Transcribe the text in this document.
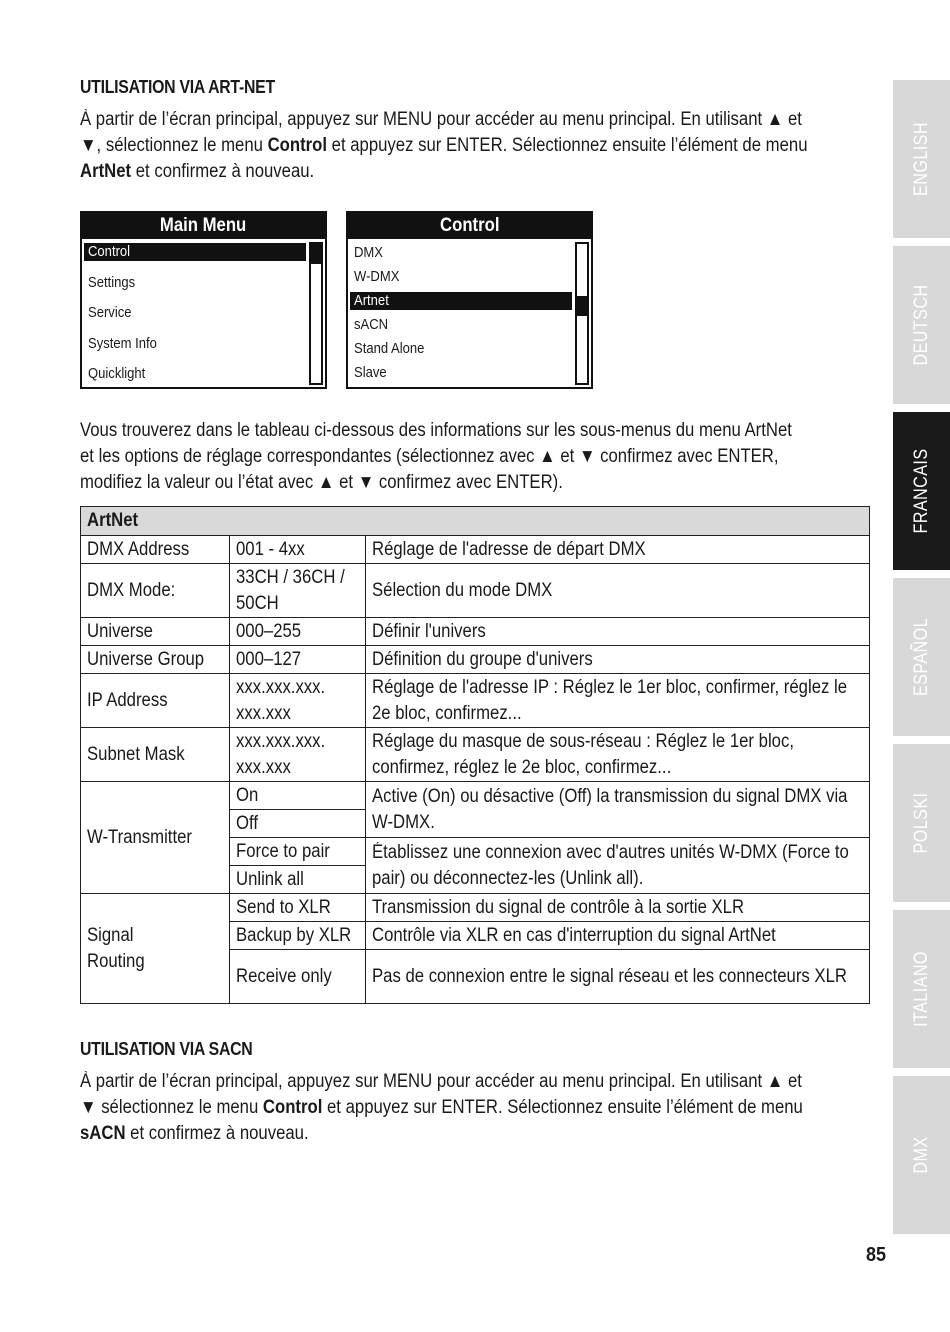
UTILISATION VIA ART-NET

À partir de l’écran principal, appuyez sur MENU pour accéder au menu principal. En utilisant ▲ et
▼, sélectionnez le menu Control et appuyez sur ENTER. Sélectionnez ensuite l’élément de menu
ArtNet et confirmez à nouveau.

Main Menu
Control
Settings
Service
System Info
Quicklight
Control
DMX
W-DMX
Artnet
sACN
Stand Alone
Slave

Vous trouverez dans le tableau ci-dessous des informations sur les sous-menus du menu ArtNet
et les options de réglage correspondantes (sélectionnez avec ▲ et ▼ confirmez avec ENTER,
modifiez la valeur ou l’état avec ▲ et ▼ confirmez avec ENTER).

ArtNet		
DMX Address	001 - 4xx	Réglage de l'adresse de départ DMX
DMX Mode:	33CH / 36CH / 50CH	Sélection du mode DMX
Universe	000–255	Définir l'univers
Universe Group	000–127	Définition du groupe d'univers
IP Address	xxx.xxx.xxx. xxx.xxx	Réglage de l'adresse IP : Réglez le 1er bloc, confirmer, réglez le 2e bloc, confirmez...
Subnet Mask	xxx.xxx.xxx. xxx.xxx	Réglage du masque de sous-réseau : Réglez le 1er bloc, confirmez, réglez le 2e bloc, confirmez...
W-Transmitter	On	Active (On) ou désactive (Off) la transmission du signal DMX via W-DMX.
	Off	
	Force to pair	Établissez une connexion avec d'autres unités W-DMX (Force to pair) ou déconnectez-les (Unlink all).
	Unlink all	
Signal Routing	Send to XLR	Transmission du signal de contrôle à la sortie XLR
	Backup by XLR	Contrôle via XLR en cas d'interruption du signal ArtNet
	Receive only	Pas de connexion entre le signal réseau et les connecteurs XLR
UTILISATION VIA SACN

À partir de l’écran principal, appuyez sur MENU pour accéder au menu principal. En utilisant ▲ et
▼ sélectionnez le menu Control et appuyez sur ENTER. Sélectionnez ensuite l’élément de menu
sACN et confirmez à nouveau.

ENGLISH
DEUTSCH
FRANCAIS
ESPAÑOL
POLSKI
ITALIANO
DMX
85
